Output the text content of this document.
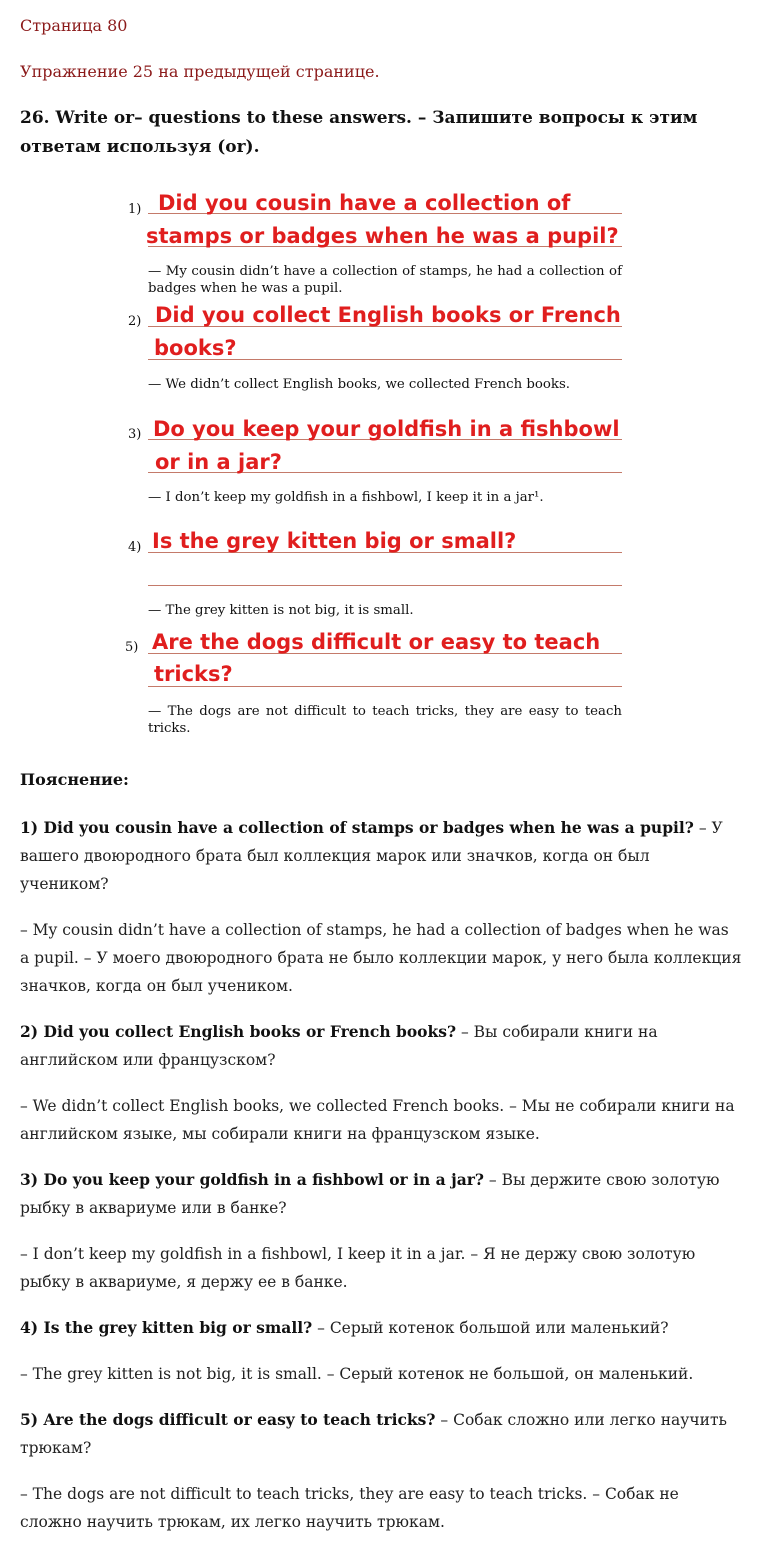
Страница 80
Упражнение 25 на предыдущей странице.

26. Write or– questions to these answers. – Запишите вопросы к этим ответам используя (or).

1) Did you cousin have a collection of
stamps or badges when he was a pupil?
— My cousin didn’t have a collection of stamps, he had a collection of badges when he was a pupil.
2) Did you collect English books or French
books?
— We didn’t collect English books, we collected French books.
3) Do you keep your goldfish in a fishbowl
or in a jar?
— I don’t keep my goldfish in a fishbowl, I keep it in a jar¹.
4) Is the grey kitten big or small?
— The grey kitten is not big, it is small.
5) Are the dogs difficult or easy to teach
tricks?
— The dogs are not difficult to teach tricks, they are easy to teach tricks.

Пояснение:

1) Did you cousin have a collection of stamps or badges when he was a pupil? – У вашего двоюродного брата был коллекция марок или значков, когда он был учеником?

– My cousin didn’t have a collection of stamps, he had a collection of badges when he was a pupil. – У моего двоюродного брата не было коллекции марок, у него была коллекция значков, когда он был учеником.

2) Did you collect English books or French books? – Вы собирали книги на английском или французском?

– We didn’t collect English books, we collected French books. – Мы не собирали книги на английском языке, мы собирали книги на французском языке.

3) Do you keep your goldfish in a fishbowl or in a jar? – Вы держите свою золотую рыбку в аквариуме или в банке?

– I don’t keep my goldfish in a fishbowl, I keep it in a jar. – Я не держу свою золотую рыбку в аквариуме, я держу ее в банке.

4) Is the grey kitten big or small? – Серый котенок большой или маленький?

– The grey kitten is not big, it is small. – Серый котенок не большой, он маленький.

5) Are the dogs difficult or easy to teach tricks? – Собак сложно или легко научить трюкам?

– The dogs are not difficult to teach tricks, they are easy to teach tricks. – Собак не сложно научить трюкам, их легко научить трюкам.
